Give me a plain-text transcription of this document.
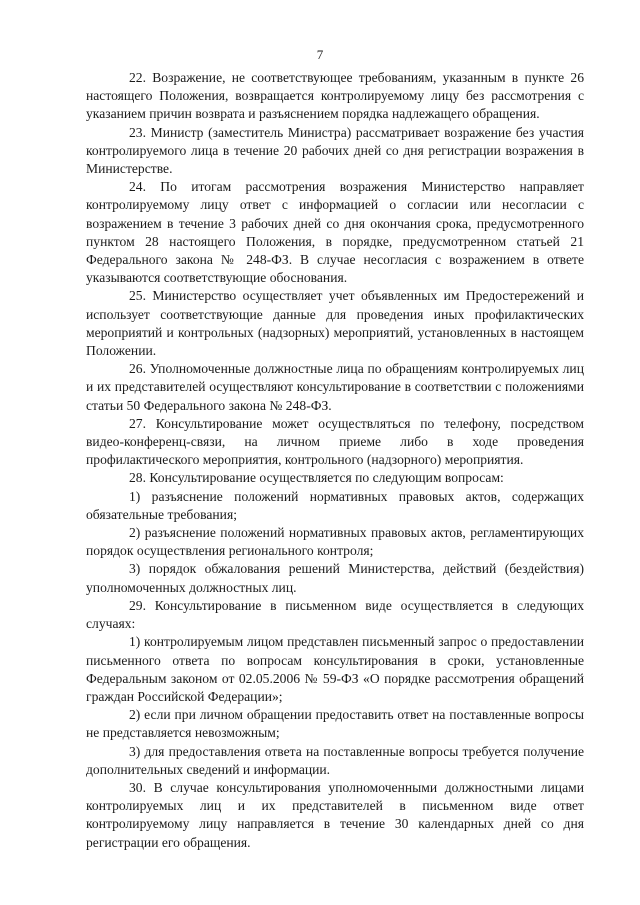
7

22. Возражение, не соответствующее требованиям, указанным в пункте 26 настоящего Положения, возвращается контролируемому лицу без рассмотрения с указанием причин возврата и разъяснением порядка надлежащего обращения.

23. Министр (заместитель Министра) рассматривает возражение без участия контролируемого лица в течение 20 рабочих дней со дня регистрации возражения в Министерстве.

24. По итогам рассмотрения возражения Министерство направляет контролируемому лицу ответ с информацией о согласии или несогласии с возражением в течение 3 рабочих дней со дня окончания срока, предусмотренного пунктом 28 настоящего Положения, в порядке, предусмотренном статьей 21 Федерального закона № 248-ФЗ. В случае несогласия с возражением в ответе указываются соответствующие обоснования.

25. Министерство осуществляет учет объявленных им Предостережений и использует соответствующие данные для проведения иных профилактических мероприятий и контрольных (надзорных) мероприятий, установленных в настоящем Положении.

26. Уполномоченные должностные лица по обращениям контролируемых лиц и их представителей осуществляют консультирование в соответствии с положениями статьи 50 Федерального закона № 248-ФЗ.

27. Консультирование может осуществляться по телефону, посредством видео-конференц-связи, на личном приеме либо в ходе проведения профилактического мероприятия, контрольного (надзорного) мероприятия.

28. Консультирование осуществляется по следующим вопросам:

1) разъяснение положений нормативных правовых актов, содержащих обязательные требования;

2) разъяснение положений нормативных правовых актов, регламентирующих порядок осуществления регионального контроля;

3) порядок обжалования решений Министерства, действий (бездействия) уполномоченных должностных лиц.

29. Консультирование в письменном виде осуществляется в следующих случаях:

1) контролируемым лицом представлен письменный запрос о предоставлении письменного ответа по вопросам консультирования в сроки, установленные Федеральным законом от 02.05.2006 № 59-ФЗ «О порядке рассмотрения обращений граждан Российской Федерации»;

2) если при личном обращении предоставить ответ на поставленные вопросы не представляется невозможным;

3) для предоставления ответа на поставленные вопросы требуется получение дополнительных сведений и информации.

30. В случае консультирования уполномоченными должностными лицами контролируемых лиц и их представителей в письменном виде ответ контролируемому лицу направляется в течение 30 календарных дней со дня регистрации его обращения.
